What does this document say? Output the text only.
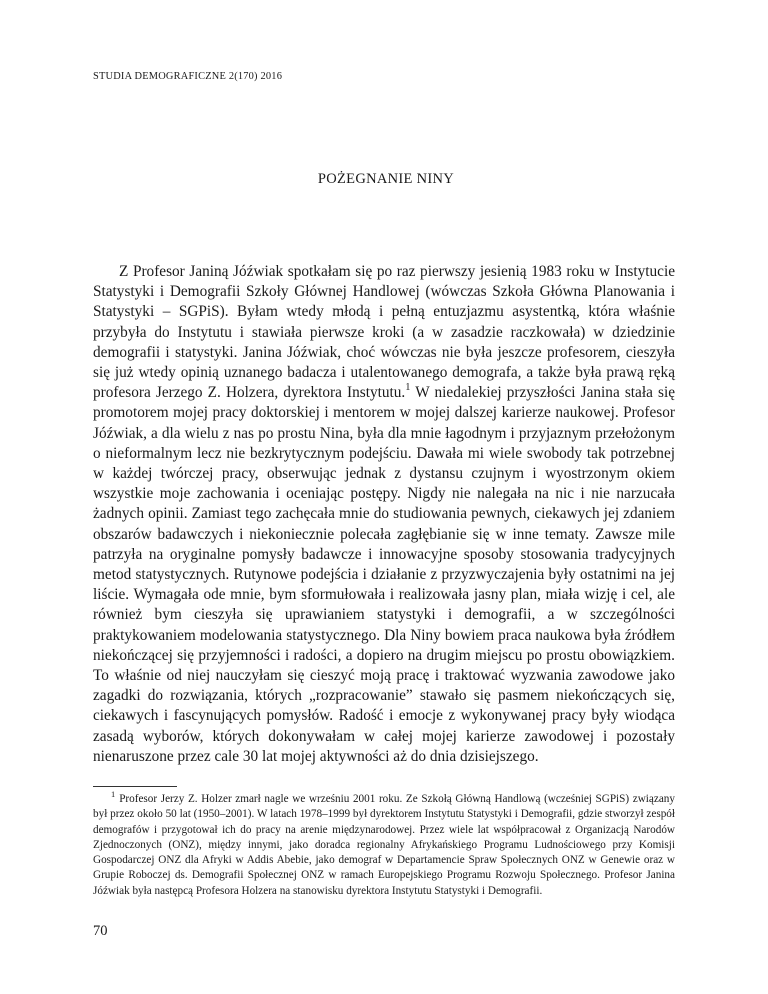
STUDIA DEMOGRAFICZNE 2(170) 2016

POŻEGNANIE NINY

Z Profesor Janiną Jóźwiak spotkałam się po raz pierwszy jesienią 1983 roku w Instytucie Statystyki i Demografii Szkoły Głównej Handlowej (wówczas Szkoła Główna Planowania i Statystyki – SGPiS). Byłam wtedy młodą i pełną entuzjazmu asystentką, która właśnie przybyła do Instytutu i stawiała pierwsze kroki (a w zasadzie raczkowała) w dziedzinie demografii i statystyki. Janina Jóźwiak, choć wówczas nie była jeszcze profesorem, cieszyła się już wtedy opinią uznanego badacza i utalentowanego demografa, a także była prawą ręką profesora Jerzego Z. Holzera, dyrektora Instytutu.$^1$ W niedalekiej przyszłości Janina stała się promotorem mojej pracy doktorskiej i mentorem w mojej dalszej karierze naukowej. Profesor Jóźwiak, a dla wielu z nas po prostu Nina, była dla mnie łagodnym i przyjaznym przełożonym o nieformalnym lecz nie bezkrytycznym podejściu. Dawała mi wiele swobody tak potrzebnej w każdej twórczej pracy, obserwując jednak z dystansu czujnym i wyostrzonym okiem wszystkie moje zachowania i oceniając postępy. Nigdy nie nalegała na nic i nie narzucała żadnych opinii. Zamiast tego zachęcała mnie do studiowania pewnych, ciekawych jej zdaniem obszarów badawczych i niekoniecznie polecała zagłębianie się w inne tematy. Zawsze mile patrzyła na oryginalne pomysły badawcze i innowacyjne sposoby stosowania tradycyjnych metod statystycznych. Rutynowe podejścia i działanie z przyzwyczajenia były ostatnimi na jej liście. Wymagała ode mnie, bym sformułowała i realizowała jasny plan, miała wizję i cel, ale również bym cieszyła się uprawianiem statystyki i demografii, a w szczególności praktykowaniem modelowania statystycznego. Dla Niny bowiem praca naukowa była źródłem niekończącej się przyjemności i radości, a dopiero na drugim miejscu po prostu obowiązkiem. To właśnie od niej nauczyłam się cieszyć moją pracę i traktować wyzwania zawodowe jako zagadki do rozwiązania, których „rozpracowanie” stawało się pasmem niekończących się, ciekawych i fascynujących pomysłów. Radość i emocje z wykonywanej pracy były wiodąca zasadą wyborów, których dokonywałam w całej mojej karierze zawodowej i pozostały nienaruszone przez cale 30 lat mojej aktywności aż do dnia dzisiejszego.

$^1$ Profesor Jerzy Z. Holzer zmarł nagle we wrześniu 2001 roku. Ze Szkołą Główną Handlową (wcześniej SGPiS) związany był przez około 50 lat (1950–2001). W latach 1978–1999 był dyrektorem Instytutu Statystyki i Demografii, gdzie stworzył zespół demografów i przygotował ich do pracy na arenie międzynarodowej. Przez wiele lat współpracował z Organizacją Narodów Zjednoczonych (ONZ), między innymi, jako doradca regionalny Afrykańskiego Programu Ludnościowego przy Komisji Gospodarczej ONZ dla Afryki w Addis Abebie, jako demograf w Departamencie Spraw Społecznych ONZ w Genewie oraz w Grupie Roboczej ds. Demografii Społecznej ONZ w ramach Europejskiego Programu Rozwoju Społecznego. Profesor Janina Jóźwiak była następcą Profesora Holzera na stanowisku dyrektora Instytutu Statystyki i Demografii.

70
